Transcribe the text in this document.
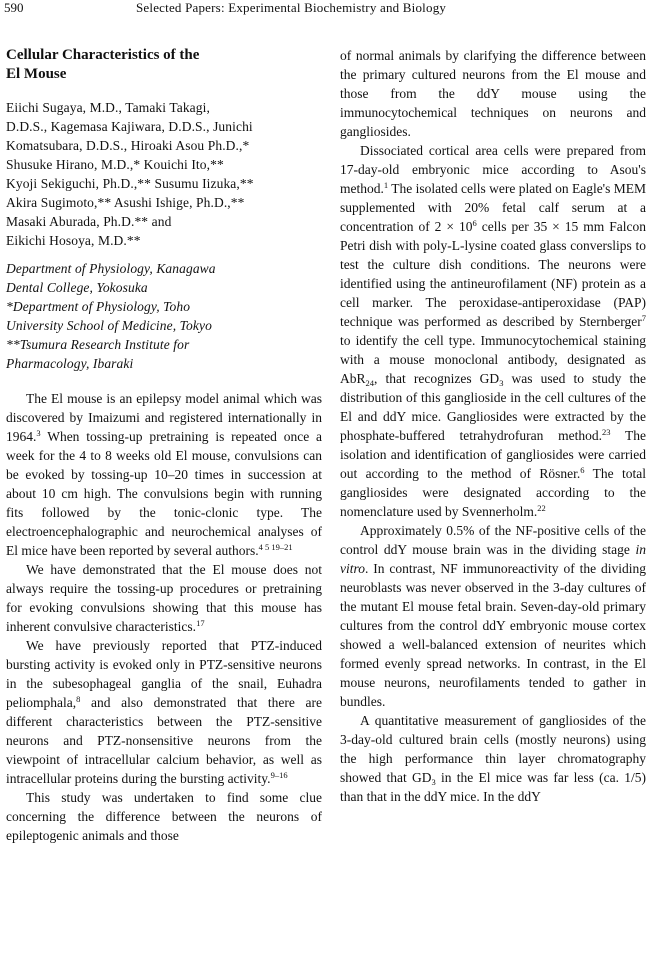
590	Selected Papers: Experimental Biochemistry and Biology
Cellular Characteristics of the
El Mouse
Eiichi Sugaya, M.D., Tamaki Takagi,
D.D.S., Kagemasa Kajiwara, D.D.S., Junichi
Komatsubara, D.D.S., Hiroaki Asou Ph.D.,*
Shusuke Hirano, M.D.,* Kouichi Ito,**
Kyoji Sekiguchi, Ph.D.,** Susumu Iizuka,**
Akira Sugimoto,** Asushi Ishige, Ph.D.,**
Masaki Aburada, Ph.D.** and
Eikichi Hosoya, M.D.**
Department of Physiology, Kanagawa
Dental College, Yokosuka
*Department of Physiology, Toho
University School of Medicine, Tokyo
**Tsumura Research Institute for
Pharmacology, Ibaraki

The El mouse is an epilepsy model animal which was discovered by Imaizumi and registered internationally in 1964.$^3$ When tossing-up pretraining is repeated once a week for the 4 to 8 weeks old El mouse, convulsions can be evoked by tossing-up 10–20 times in succession at about 10 cm high. The convulsions begin with running fits followed by the tonic-clonic type. The electroencephalographic and neurochemical analyses of El mice have been reported by several authors.$^{4 5 19-21}$

We have demonstrated that the El mouse does not always require the tossing-up procedures or pretraining for evoking convulsions showing that this mouse has inherent convulsive characteristics.$^{17}$

We have previously reported that PTZ-induced bursting activity is evoked only in PTZ-sensitive neurons in the subesophageal ganglia of the snail, Euhadra peliomphala,$^8$ and also demonstrated that there are different characteristics between the PTZ-sensitive neurons and PTZ-nonsensitive neurons from the viewpoint of intracellular calcium behavior, as well as intracellular proteins during the bursting activity.$^{9-16}$

This study was undertaken to find some clue concerning the difference between the neurons of epileptogenic animals and those

of normal animals by clarifying the difference between the primary cultured neurons from the El mouse and those from the ddY mouse using the immunocytochemical techniques on neurons and gangliosides.

Dissociated cortical area cells were prepared from 17-day-old embryonic mice according to Asou's method.$^1$ The isolated cells were plated on Eagle's MEM supplemented with 20% fetal calf serum at a concentration of $2 \times 10^6$ cells per 35 × 15 mm Falcon Petri dish with poly-L-lysine coated glass converslips to test the culture dish conditions. The neurons were identified using the antineurofilament (NF) protein as a cell marker. The peroxidase-antiperoxidase (PAP) technique was performed as described by Sternberger$^7$ to identify the cell type. Immunocytochemical staining with a mouse monoclonal antibody, designated as AbR$_{24}$, that recognizes $GD_3$ was used to study the distribution of this ganglioside in the cell cultures of the El and ddY mice. Gangliosides were extracted by the phosphate-buffered tetrahydrofuran method.$^{23}$ The isolation and identification of gangliosides were carried out according to the method of Rösner.$^6$ The total gangliosides were designated according to the nomenclature used by Svennerholm.$^{22}$

Approximately 0.5% of the NF-positive cells of the control ddY mouse brain was in the dividing stage in vitro. In contrast, NF immunoreactivity of the dividing neuroblasts was never observed in the 3-day cultures of the mutant El mouse fetal brain. Seven-day-old primary cultures from the control ddY embryonic mouse cortex showed a well-balanced extension of neurites which formed evenly spread networks. In contrast, in the El mouse neurons, neurofilaments tended to gather in bundles.

A quantitative measurement of gangliosides of the 3-day-old cultured brain cells (mostly neurons) using the high performance thin layer chromatography showed that $GD_3$ in the El mice was far less (ca. 1/5) than that in the ddY mice. In the ddY
